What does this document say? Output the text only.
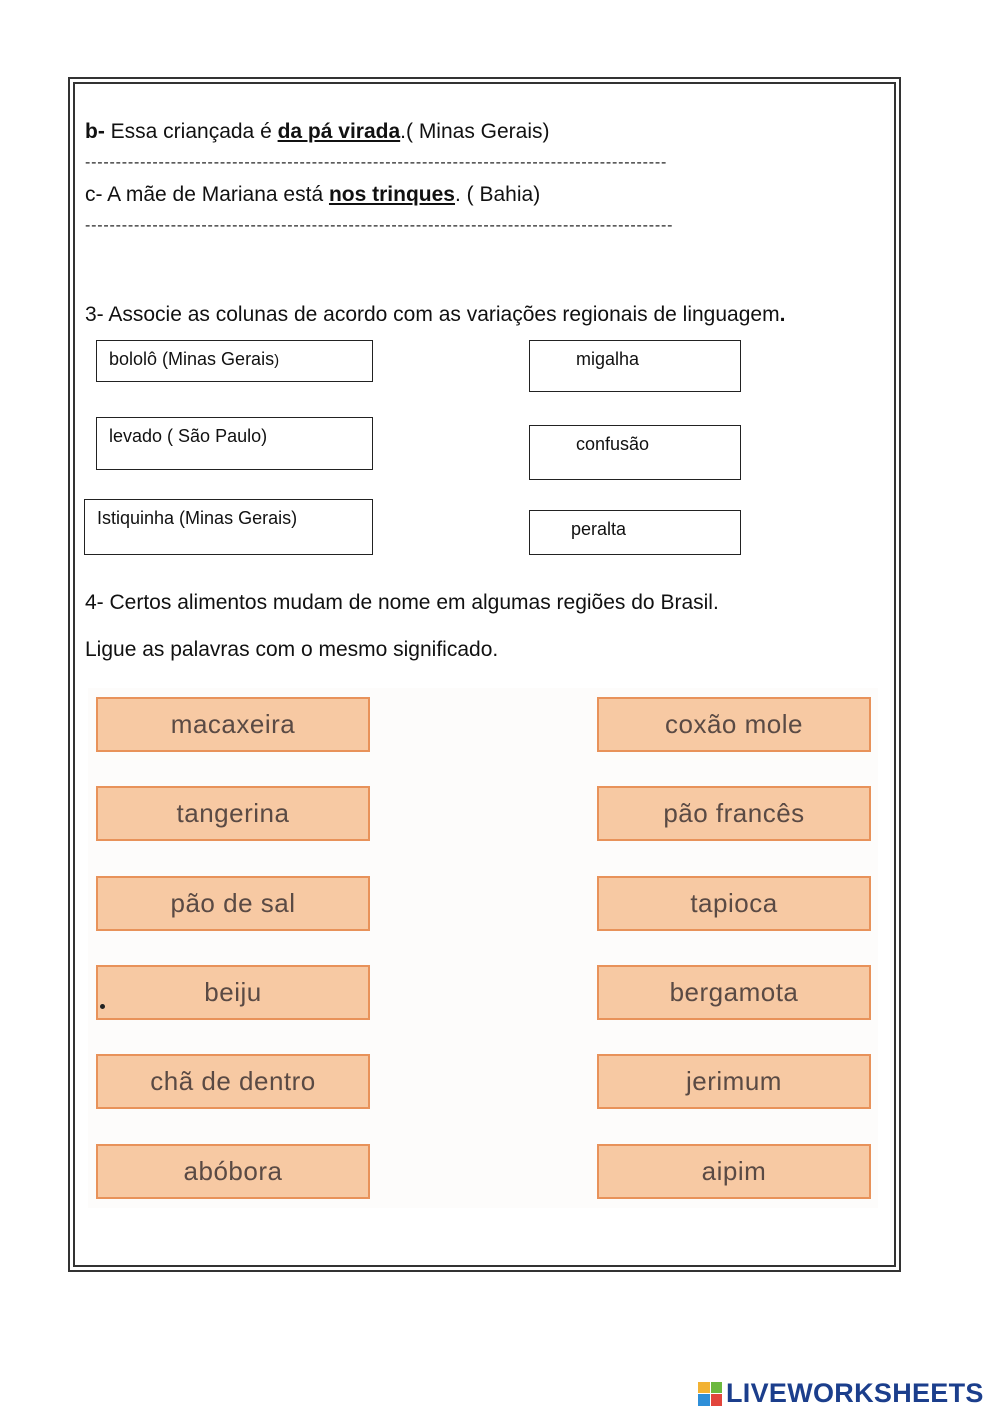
b- Essa criançada é da pá virada.( Minas Gerais)
-----------------------------------------------------------------------------------------------
c- A mãe de Mariana está nos trinques. ( Bahia)
------------------------------------------------------------------------------------------------
3- Associe as colunas de acordo com as variações regionais de linguagem.
bololô (Minas Gerais)
levado ( São Paulo)
Istiquinha (Minas Gerais)
migalha
confusão
peralta
4- Certos alimentos mudam de nome em algumas regiões do Brasil.
Ligue as palavras com o mesmo significado.
macaxeira
tangerina
pão de sal
beiju
chã de dentro
abóbora
coxão mole
pão francês
tapioca
bergamota
jerimum
aipim
LIVEWORKSHEETS
